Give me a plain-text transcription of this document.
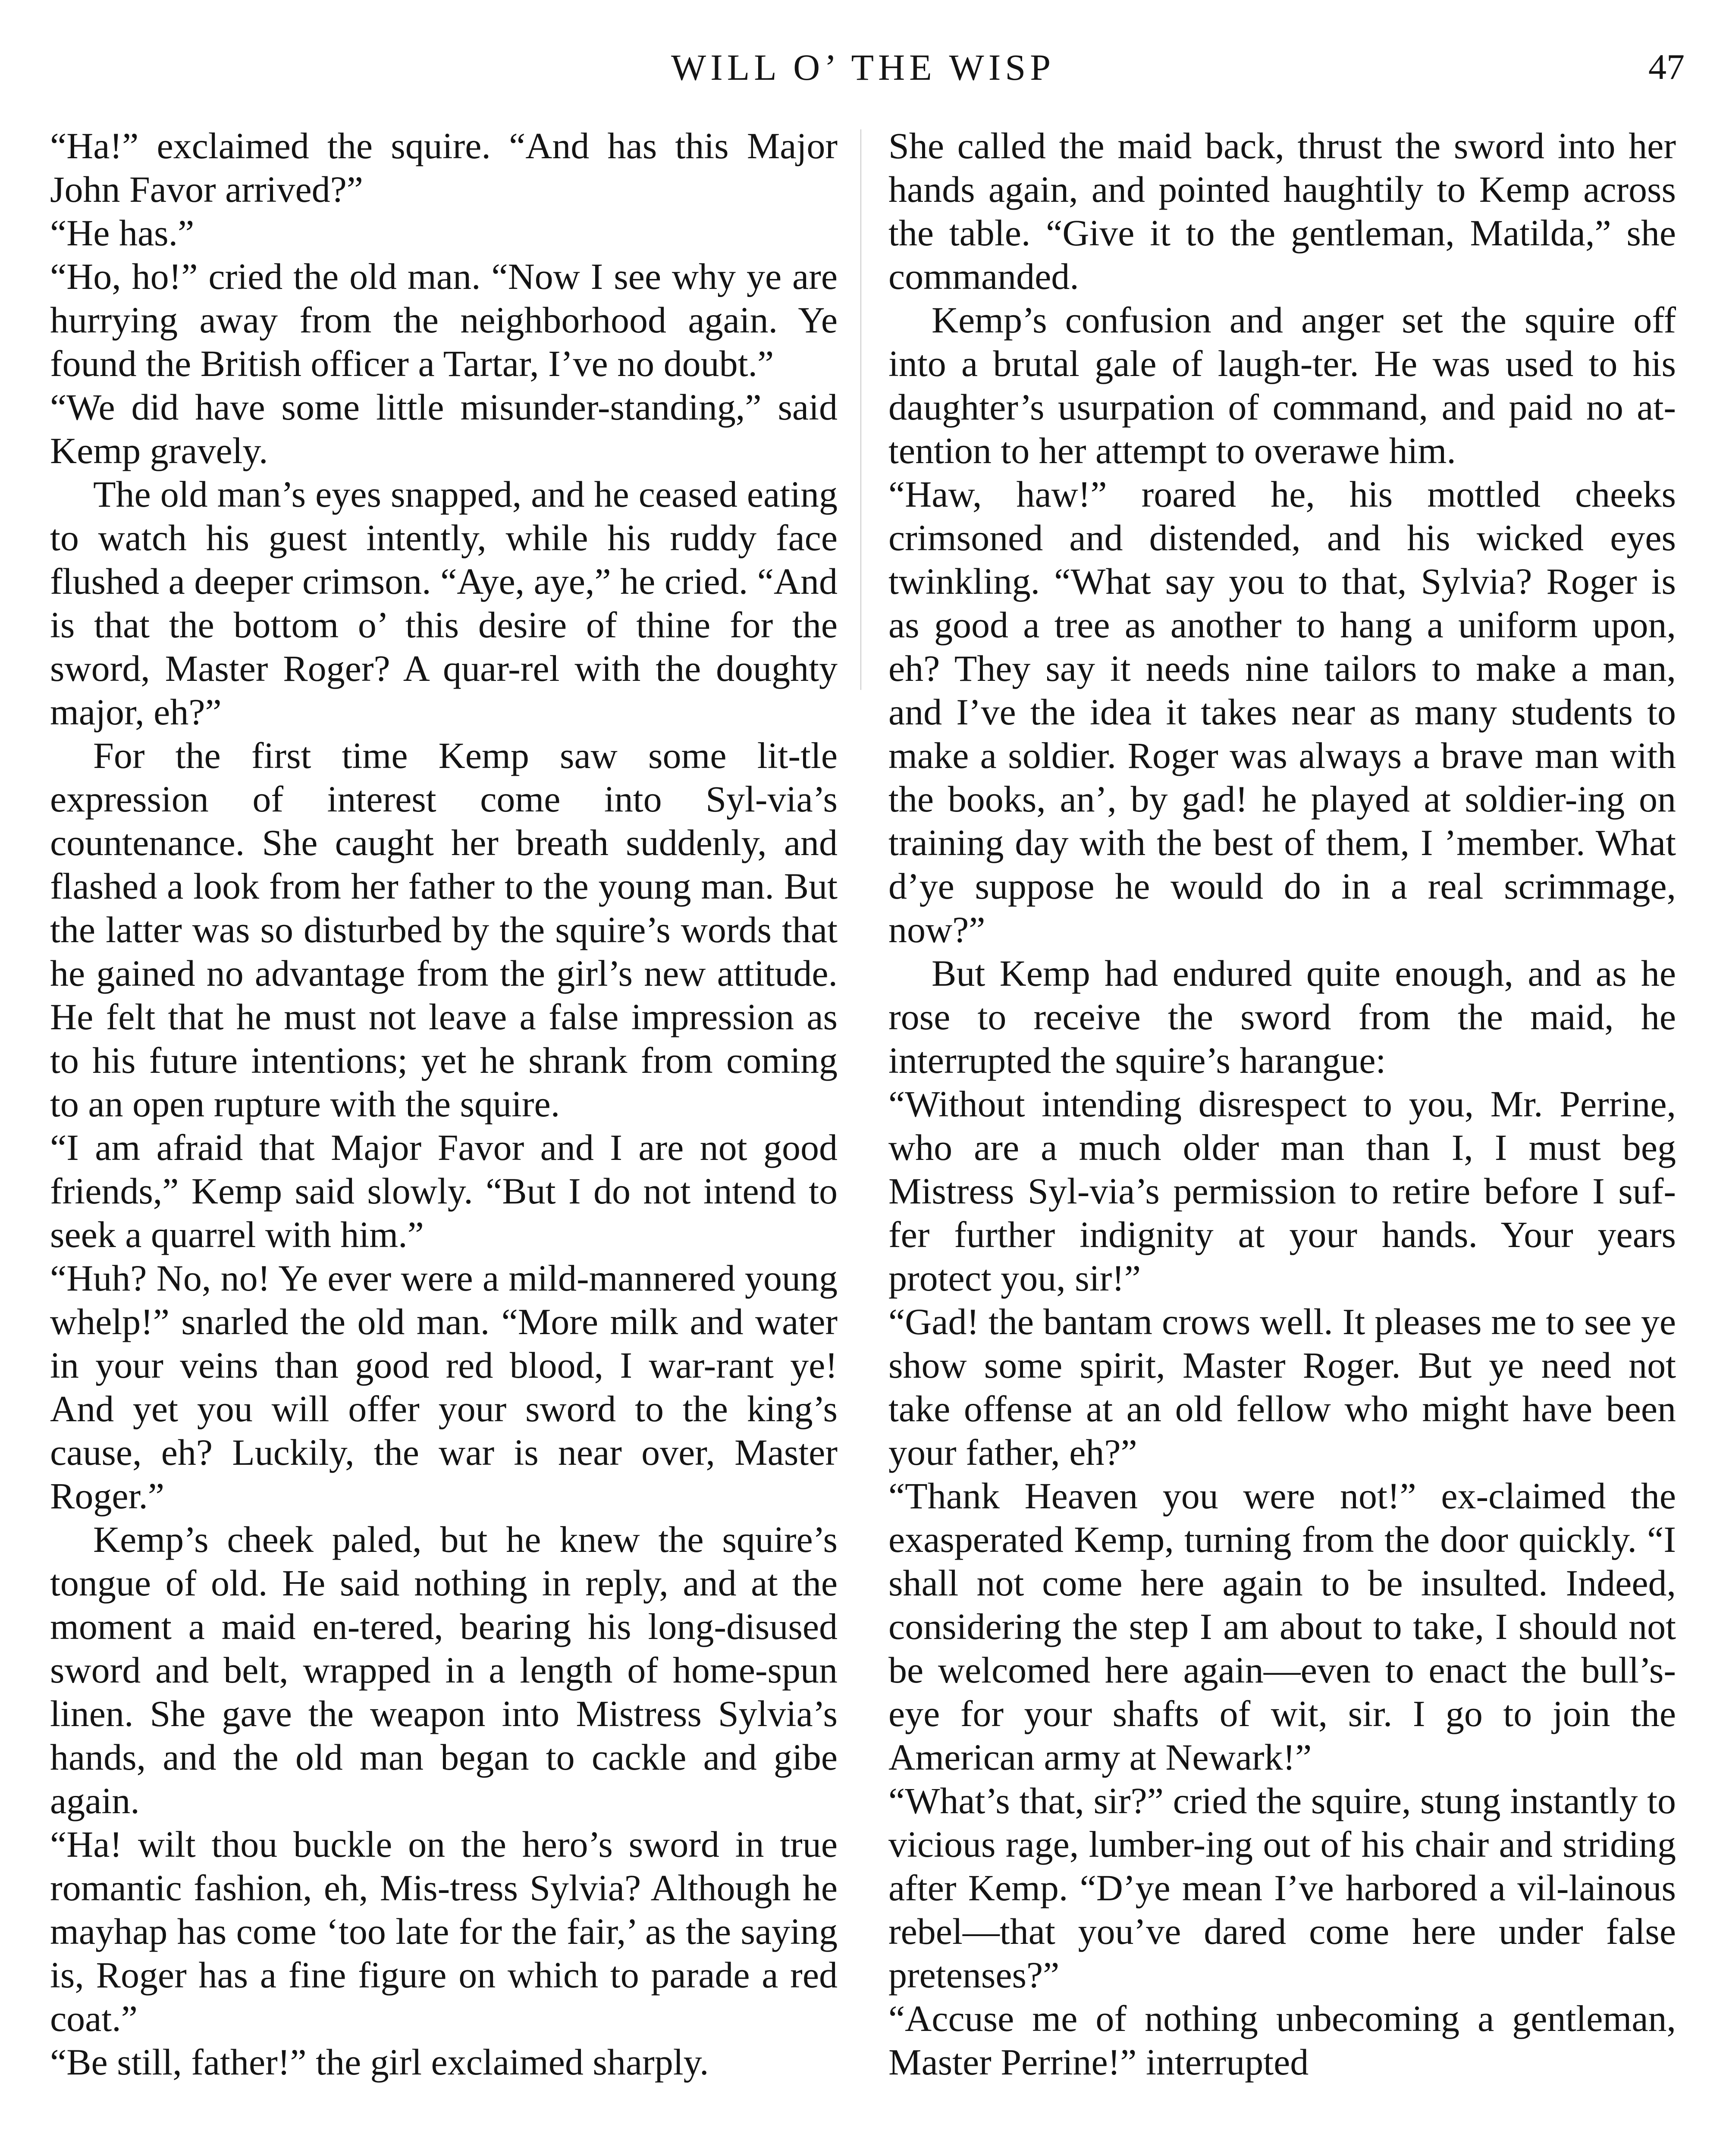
WILL O’ THE WISP	47

“Ha!” exclaimed the squire. “And has this Major John Favor arrived?”

“He has.”

“Ho, ho!” cried the old man. “Now I see why ye are hurrying away from the neighborhood again. Ye found the British officer a Tartar, I’ve no doubt.”

“We did have some little misunder-standing,” said Kemp gravely.

The old man’s eyes snapped, and he ceased eating to watch his guest intently, while his ruddy face flushed a deeper crimson. “Aye, aye,” he cried. “And is that the bottom o’ this desire of thine for the sword, Master Roger? A quar-rel with the doughty major, eh?”

For the first time Kemp saw some lit-tle expression of interest come into Syl-via’s countenance. She caught her breath suddenly, and flashed a look from her father to the young man. But the latter was so disturbed by the squire’s words that he gained no advantage from the girl’s new attitude. He felt that he must not leave a false impression as to his future intentions; yet he shrank from coming to an open rupture with the squire.

“I am afraid that Major Favor and I are not good friends,” Kemp said slowly. “But I do not intend to seek a quarrel with him.”

“Huh? No, no! Ye ever were a mild-mannered young whelp!” snarled the old man. “More milk and water in your veins than good red blood, I war-rant ye! And yet you will offer your sword to the king’s cause, eh? Luckily, the war is near over, Master Roger.”

Kemp’s cheek paled, but he knew the squire’s tongue of old. He said nothing in reply, and at the moment a maid en-tered, bearing his long-disused sword and belt, wrapped in a length of home-spun linen. She gave the weapon into Mistress Sylvia’s hands, and the old man began to cackle and gibe again.

“Ha! wilt thou buckle on the hero’s sword in true romantic fashion, eh, Mis-tress Sylvia? Although he mayhap has come ‘too late for the fair,’ as the saying is, Roger has a fine figure on which to parade a red coat.”

“Be still, father!” the girl exclaimed sharply.

She called the maid back, thrust the sword into her hands again, and pointed haughtily to Kemp across the table. “Give it to the gentleman, Matilda,” she commanded.

Kemp’s confusion and anger set the squire off into a brutal gale of laugh-ter. He was used to his daughter’s usurpation of command, and paid no at-tention to her attempt to overawe him.

“Haw, haw!” roared he, his mottled cheeks crimsoned and distended, and his wicked eyes twinkling. “What say you to that, Sylvia? Roger is as good a tree as another to hang a uniform upon, eh? They say it needs nine tailors to make a man, and I’ve the idea it takes near as many students to make a soldier. Roger was always a brave man with the books, an’, by gad! he played at soldier-ing on training day with the best of them, I ’member. What d’ye suppose he would do in a real scrimmage, now?”

But Kemp had endured quite enough, and as he rose to receive the sword from the maid, he interrupted the squire’s harangue:

“Without intending disrespect to you, Mr. Perrine, who are a much older man than I, I must beg Mistress Syl-via’s permission to retire before I suf-fer further indignity at your hands. Your years protect you, sir!”

“Gad! the bantam crows well. It pleases me to see ye show some spirit, Master Roger. But ye need not take offense at an old fellow who might have been your father, eh?”

“Thank Heaven you were not!” ex-claimed the exasperated Kemp, turning from the door quickly. “I shall not come here again to be insulted. Indeed, considering the step I am about to take, I should not be welcomed here again—even to enact the bull’s-eye for your shafts of wit, sir. I go to join the American army at Newark!”

“What’s that, sir?” cried the squire, stung instantly to vicious rage, lumber-ing out of his chair and striding after Kemp. “D’ye mean I’ve harbored a vil-lainous rebel—that you’ve dared come here under false pretenses?”

“Accuse me of nothing unbecoming a gentleman, Master Perrine!” interrupted
